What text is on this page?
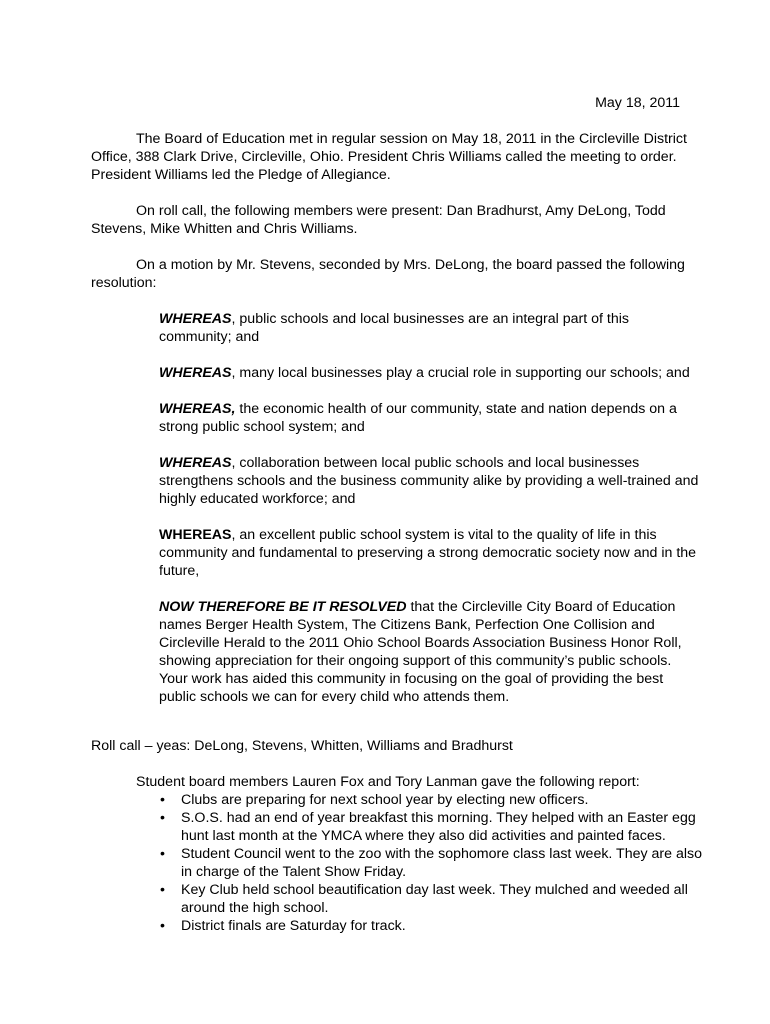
May 18, 2011

The Board of Education met in regular session on May 18, 2011 in the Circleville District Office, 388 Clark Drive, Circleville, Ohio. President Chris Williams called the meeting to order. President Williams led the Pledge of Allegiance.

On roll call, the following members were present: Dan Bradhurst, Amy DeLong, Todd Stevens, Mike Whitten and Chris Williams.

On a motion by Mr. Stevens, seconded by Mrs. DeLong, the board passed the following resolution:

WHEREAS, public schools and local businesses are an integral part of this community; and

WHEREAS, many local businesses play a crucial role in supporting our schools; and

WHEREAS, the economic health of our community, state and nation depends on a strong public school system; and

WHEREAS, collaboration between local public schools and local businesses strengthens schools and the business community alike by providing a well-trained and highly educated workforce; and

WHEREAS, an excellent public school system is vital to the quality of life in this community and fundamental to preserving a strong democratic society now and in the future,

NOW THEREFORE BE IT RESOLVED that the Circleville City Board of Education names Berger Health System, The Citizens Bank, Perfection One Collision and Circleville Herald to the 2011 Ohio School Boards Association Business Honor Roll, showing appreciation for their ongoing support of this community’s public schools. Your work has aided this community in focusing on the goal of providing the best public schools we can for every child who attends them.

Roll call – yeas: DeLong, Stevens, Whitten, Williams and Bradhurst

Student board members Lauren Fox and Tory Lanman gave the following report:

• Clubs are preparing for next school year by electing new officers.
• S.O.S. had an end of year breakfast this morning. They helped with an Easter egg hunt last month at the YMCA where they also did activities and painted faces.
• Student Council went to the zoo with the sophomore class last week. They are also in charge of the Talent Show Friday.
• Key Club held school beautification day last week. They mulched and weeded all around the high school.
• District finals are Saturday for track.
